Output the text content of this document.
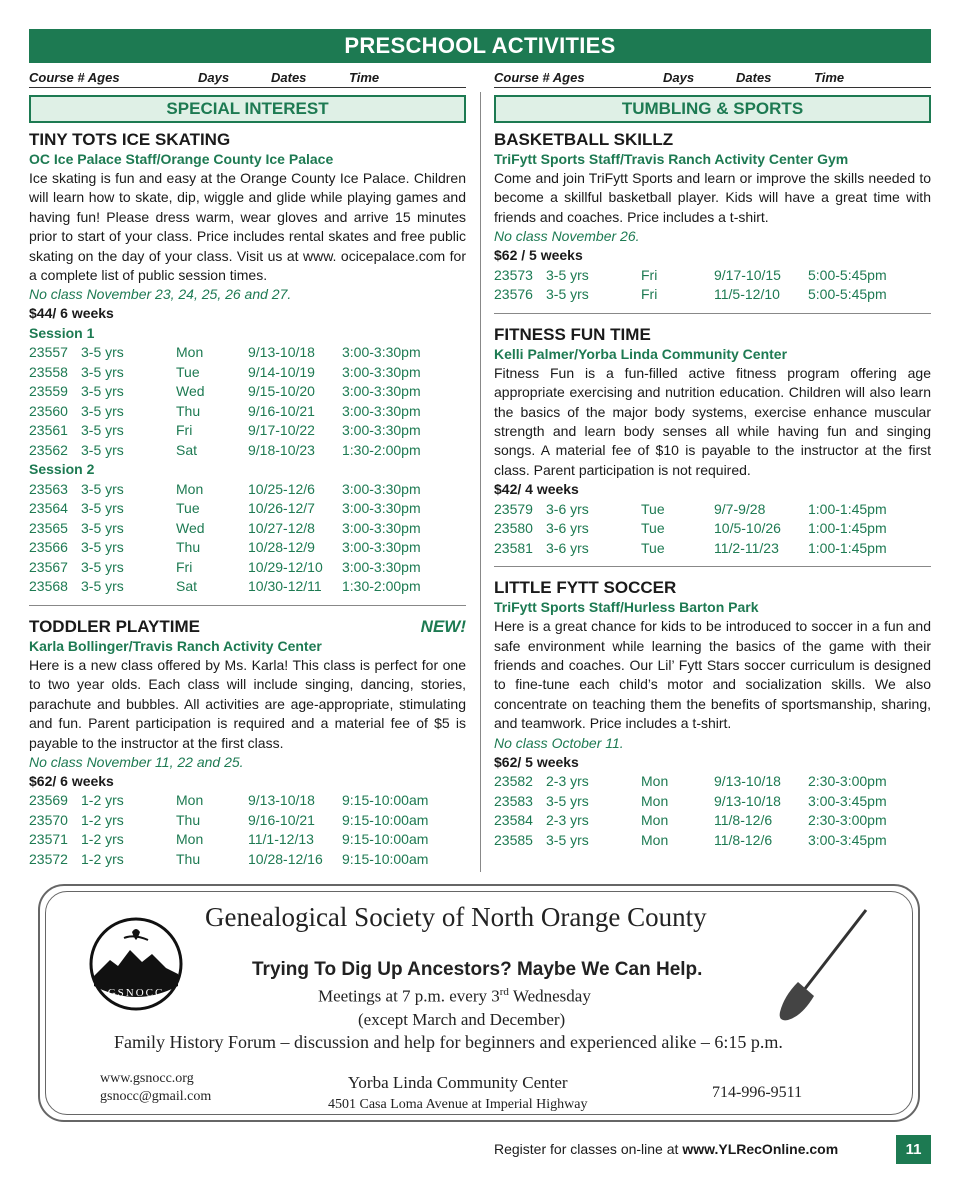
PRESCHOOL ACTIVITIES
Course # Ages	Days	Dates	Time	Course # Ages	Days	Dates	Time
SPECIAL INTEREST
TINY TOTS ICE SKATING
OC Ice Palace Staff/Orange County Ice Palace
Ice skating is fun and easy at the Orange County Ice Palace. Children will learn how to skate, dip, wiggle and glide while playing games and having fun! Please dress warm, wear gloves and arrive 15 minutes prior to start of your class. Price includes rental skates and free public skating on the day of your class. Visit us at www. ocicepalace.com for a complete list of public session times.
No class November 23, 24, 25, 26 and 27.
$44/ 6 weeks
Session 1
23557 3-5 yrs	Mon	9/13-10/18 3:00-3:30pm
23558 3-5 yrs	Tue	9/14-10/19 3:00-3:30pm
23559 3-5 yrs	Wed	9/15-10/20 3:00-3:30pm
23560 3-5 yrs	Thu	9/16-10/21 3:00-3:30pm
23561 3-5 yrs	Fri	9/17-10/22 3:00-3:30pm
23562 3-5 yrs	Sat	9/18-10/23 1:30-2:00pm
Session 2
23563 3-5 yrs	Mon	10/25-12/6 3:00-3:30pm
23564 3-5 yrs	Tue	10/26-12/7 3:00-3:30pm
23565 3-5 yrs	Wed	10/27-12/8 3:00-3:30pm
23566 3-5 yrs	Thu	10/28-12/9 3:00-3:30pm
23567 3-5 yrs	Fri	10/29-12/10 3:00-3:30pm
23568 3-5 yrs	Sat	10/30-12/11 1:30-2:00pm
TODDLER PLAYTIME	NEW!
Karla Bollinger/Travis Ranch Activity Center
Here is a new class offered by Ms. Karla! This class is perfect for one to two year olds. Each class will include singing, dancing, stories, parachute and bubbles. All activities are age-appropriate, stimulating and fun. Parent participation is required and a material fee of $5 is payable to the instructor at the first class.
No class November 11, 22 and 25.
$62/ 6 weeks
23569 1-2 yrs	Mon	9/13-10/18 9:15-10:00am
23570 1-2 yrs	Thu	9/16-10/21 9:15-10:00am
23571 1-2 yrs	Mon	11/1-12/13 9:15-10:00am
23572 1-2 yrs	Thu	10/28-12/16 9:15-10:00am
TUMBLING & SPORTS
BASKETBALL SKILLZ
TriFytt Sports Staff/Travis Ranch Activity Center Gym
Come and join TriFytt Sports and learn or improve the skills needed to become a skillful basketball player. Kids will have a great time with friends and coaches. Price includes a t-shirt.
No class November 26.
$62 / 5 weeks
23573 3-5 yrs	Fri	9/17-10/15 5:00-5:45pm
23576 3-5 yrs	Fri	11/5-12/10 5:00-5:45pm
FITNESS FUN TIME
Kelli Palmer/Yorba Linda Community Center
Fitness Fun is a fun-filled active fitness program offering age appropriate exercising and nutrition education. Children will also learn the basics of the major body systems, exercise enhance muscular strength and learn body senses all while having fun and singing songs. A material fee of $10 is payable to the instructor at the first class. Parent participation is not required.
$42/ 4 weeks
23579 3-6 yrs	Tue	9/7-9/28	1:00-1:45pm
23580 3-6 yrs	Tue	10/5-10/26 1:00-1:45pm
23581 3-6 yrs	Tue	11/2-11/23 1:00-1:45pm
LITTLE FYTT SOCCER
TriFytt Sports Staff/Hurless Barton Park
Here is a great chance for kids to be introduced to soccer in a fun and safe environment while learning the basics of the game with their friends and coaches. Our Lil’ Fytt Stars soccer curriculum is designed to fine-tune each child’s motor and socialization skills. We also concentrate on teaching them the benefits of sportsmanship, sharing, and teamwork. Price includes a t-shirt.
No class October 11.
$62/ 5 weeks
23582 2-3 yrs	Mon	9/13-10/18 2:30-3:00pm
23583 3-5 yrs	Mon	9/13-10/18 3:00-3:45pm
23584 2-3 yrs	Mon	11/8-12/6	2:30-3:00pm
23585 3-5 yrs	Mon	11/8-12/6	3:00-3:45pm
Genealogical Society of North Orange County
GSNOCC
Trying To Dig Up Ancestors? Maybe We Can Help.
Meetings at 7 p.m. every 3rd Wednesday
(except March and December)
Family History Forum – discussion and help for beginners and experienced alike – 6:15 p.m.
www.gsnocc.org
gsnocc@gmail.com
Yorba Linda Community Center
4501 Casa Loma Avenue at Imperial Highway
714-996-9511
Register for classes on-line at www.YLRecOnline.com	11
